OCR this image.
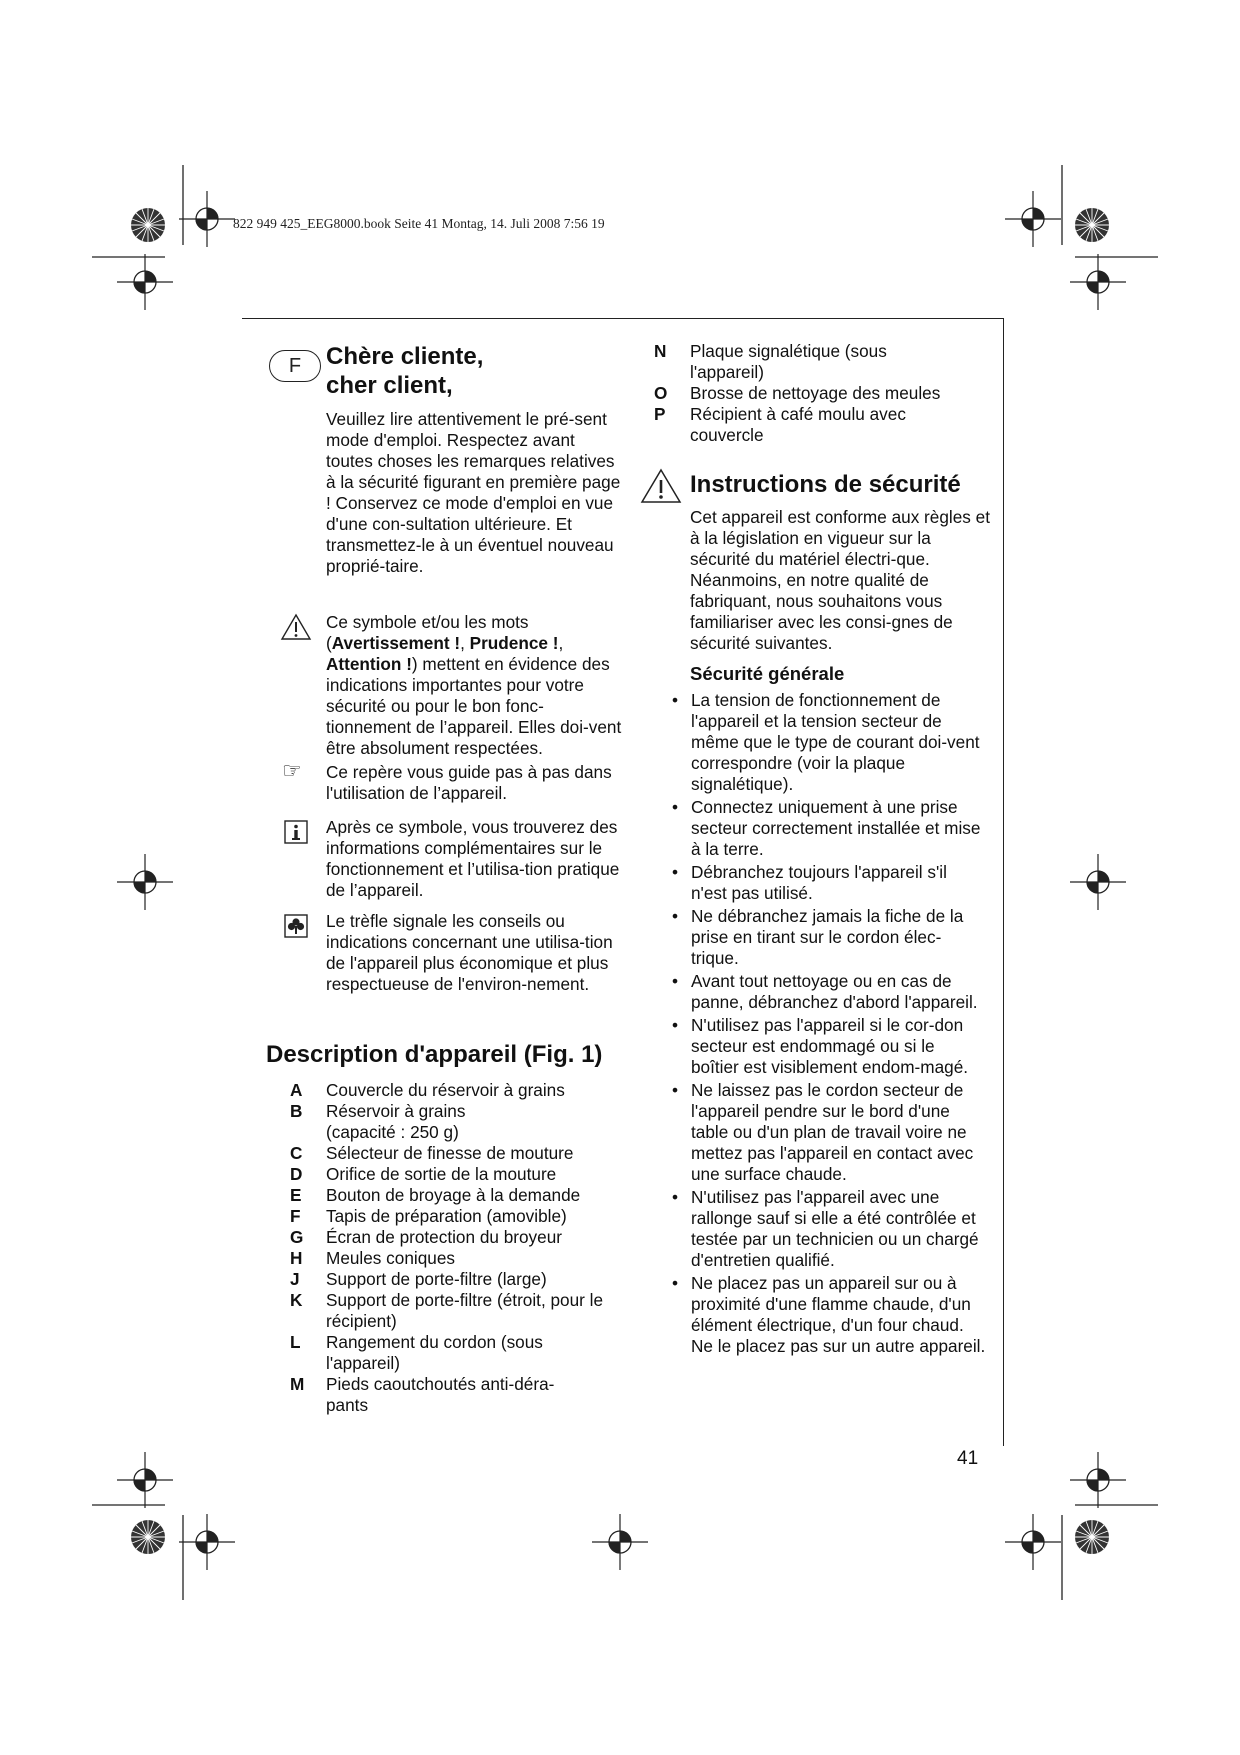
822 949 425_EEG8000.book Seite 41 Montag, 14. Juli 2008 7:56 19
F	Chère cliente,
cher client,
Veuillez lire attentivement le pré-sent mode d'emploi. Respectez avant toutes choses les remarques relatives à la sécurité figurant en première page ! Conservez ce mode d'emploi en vue d'une con-sultation ultérieure. Et transmettez-le à un éventuel nouveau proprié-taire.
Ce symbole et/ou les mots (Avertissement !, Prudence !, Attention !) mettent en évidence des indications importantes pour votre sécurité ou pour le bon fonc-tionnement de l’appareil. Elles doi-vent être absolument respectées.
☞ Ce repère vous guide pas à pas dans l'utilisation de l’appareil.
Après ce symbole, vous trouverez des informations complémentaires sur le fonctionnement et l’utilisa-tion pratique de l’appareil.
Le trèfle signale les conseils ou indications concernant une utilisa-tion de l'appareil plus économique et plus respectueuse de l'environ-nement.
Description d'appareil (Fig. 1)
A	Couvercle du réservoir à grains
B	Réservoir à grains (capacité : 250 g)
C	Sélecteur de finesse de mouture
D	Orifice de sortie de la mouture
E	Bouton de broyage à la demande
F	Tapis de préparation (amovible)
G	Écran de protection du broyeur
H	Meules coniques
J	Support de porte-filtre (large)
K	Support de porte-filtre (étroit, pour le récipient)
L	Rangement du cordon (sous l'appareil)
M	Pieds caoutchoutés anti-déra-pants
N	Plaque signalétique (sous l'appareil)
O	Brosse de nettoyage des meules
P	Récipient à café moulu avec couvercle
Instructions de sécurité
Cet appareil est conforme aux règles et à la législation en vigueur sur la sécurité du matériel électri-que. Néanmoins, en notre qualité de fabriquant, nous souhaitons vous familiariser avec les consi-gnes de sécurité suivantes.
Sécurité générale
• La tension de fonctionnement de l'appareil et la tension secteur de même que le type de courant doi-vent correspondre (voir la plaque signalétique).
• Connectez uniquement à une prise secteur correctement installée et mise à la terre.
• Débranchez toujours l'appareil s'il n'est pas utilisé.
• Ne débranchez jamais la fiche de la prise en tirant sur le cordon élec-trique.
• Avant tout nettoyage ou en cas de panne, débranchez d'abord l'appareil.
• N'utilisez pas l'appareil si le cor-don secteur est endommagé ou si le boîtier est visiblement endom-magé.
• Ne laissez pas le cordon secteur de l'appareil pendre sur le bord d'une table ou d'un plan de travail voire ne mettez pas l'appareil en contact avec une surface chaude.
• N'utilisez pas l'appareil avec une rallonge sauf si elle a été contrôlée et testée par un technicien ou un chargé d'entretien qualifié.
• Ne placez pas un appareil sur ou à proximité d'une flamme chaude, d'un élément électrique, d'un four chaud. Ne le placez pas sur un autre appareil.
41
